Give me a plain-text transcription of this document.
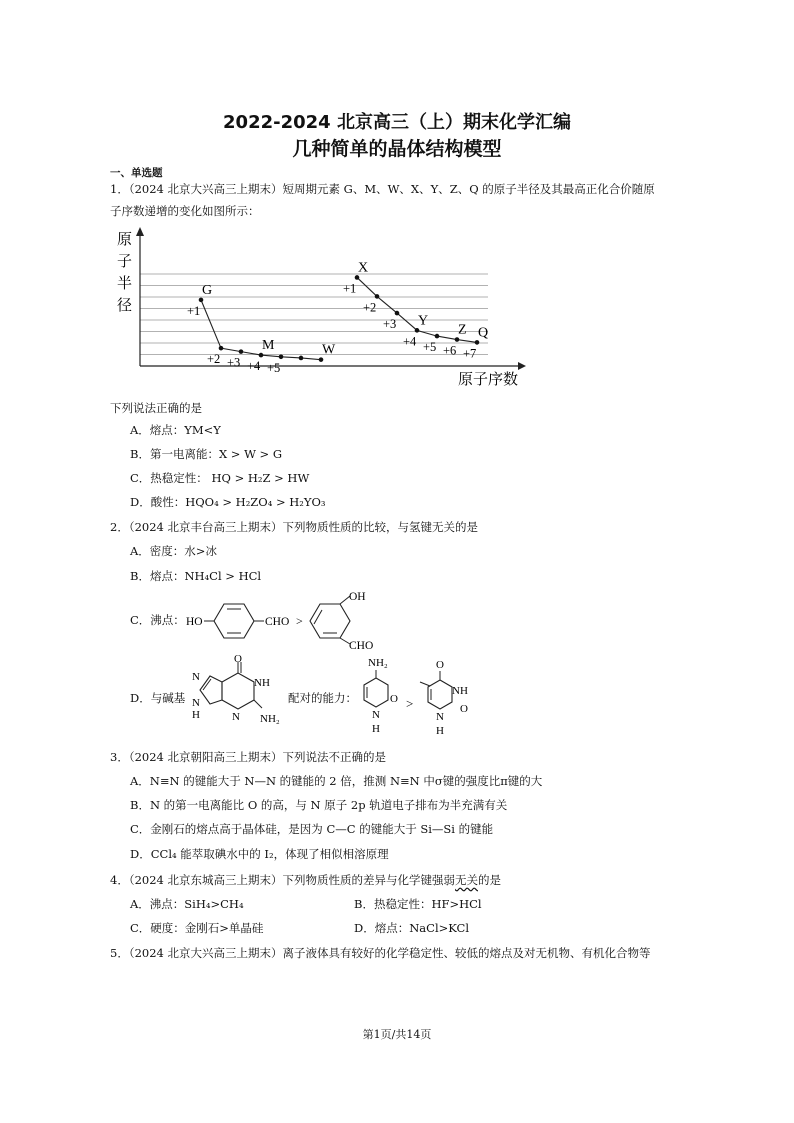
2022-2024 北京高三（上）期末化学汇编
几种简单的晶体结构模型
一、单选题
1．（2024 北京大兴高三上期末）短周期元素 G、M、W、X、Y、Z、Q 的原子半径及其最高正化合价随原
子序数递增的变化如图所示：
原
子
半
径
原子序数
+1
G
+2 +3 +4
M
+5
W
+1
X
+2
+3
+4
Y
+5 +6
Z
+7
Q
下列说法正确的是
A．熔点：YM<Y
B．第一电离能：X > W > G
C．热稳定性： HQ > H₂Z > HW
D．酸性：HQO₄ > H₂ZO₄ > H₂YO₃
2．（2024 北京丰台高三上期末）下列物质性质的比较，与氢键无关的是
A．密度：水>冰
B．熔点：NH₄Cl > HCl
C．沸点： HO	CHO >
OH
CHO
D．与碱基
O
N	NH
N
N
H	NH₂
配对的能力：
NH₂
O
N
H
>
O
NH
O
N
H
3．（2024 北京朝阳高三上期末）下列说法不正确的是
A．N≡N 的键能大于 N—N 的键能的 2 倍，推测 N≡N 中σ键的强度比π键的大
B．N 的第一电离能比 O 的高，与 N 原子 2p 轨道电子排布为半充满有关
C．金刚石的熔点高于晶体硅，是因为 C—C 的键能大于 Si—Si 的键能
D．CCl₄ 能萃取碘水中的 I₂，体现了相似相溶原理
4．（2024 北京东城高三上期末）下列物质性质的差异与化学键强弱无关的是
A．沸点：SiH₄>CH₄	B．热稳定性：HF>HCl
C．硬度：金刚石>单晶硅	D．熔点：NaCl>KCl
5．（2024 北京大兴高三上期末）离子液体具有较好的化学稳定性、较低的熔点及对无机物、有机化合物等
第1页/共14页
